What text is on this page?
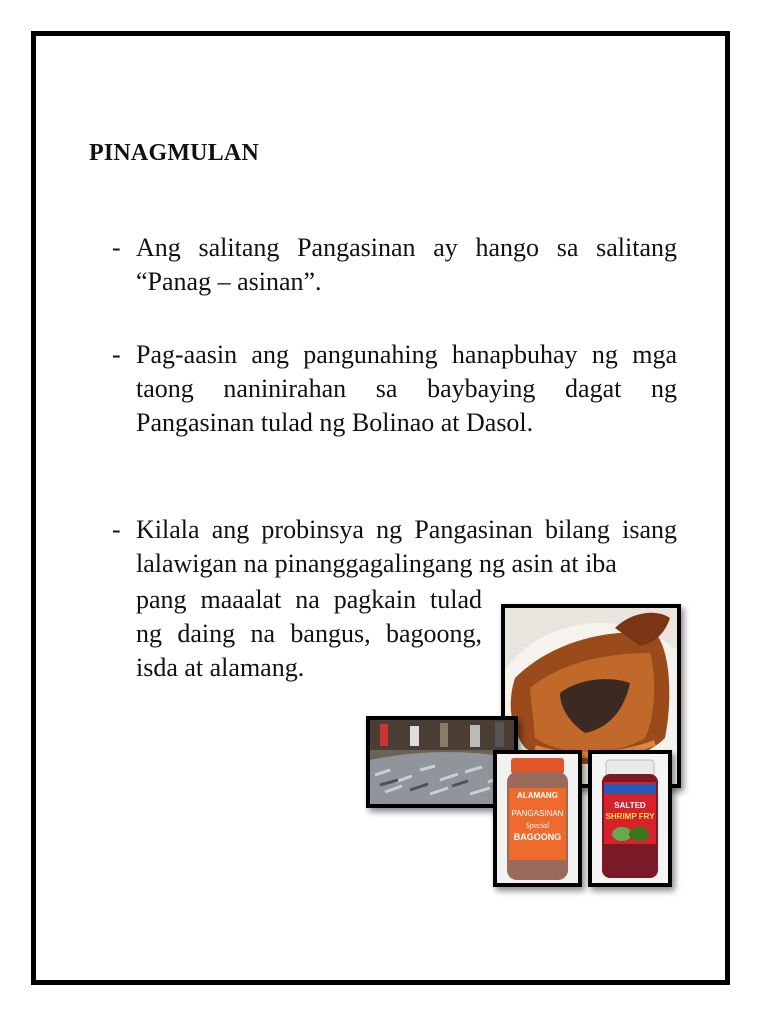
PINAGMULAN
- Ang salitang Pangasinan ay hango sa salitang “Panag – asinan”.
- Pag-aasin ang pangunahing hanapbuhay ng mga taong naninirahan sa baybaying dagat ng Pangasinan tulad ng Bolinao at Dasol.
- Kilala ang probinsya ng Pangasinan bilang isang lalawigan na pinanggagalingang ng asin at iba
pang maaalat na pagkain tulad
ng daing na bangus, bagoong,
isda at alamang.
ALAMANG
PANGASINAN
Special
BAGOONG
SALTED
SHRIMP FRY
